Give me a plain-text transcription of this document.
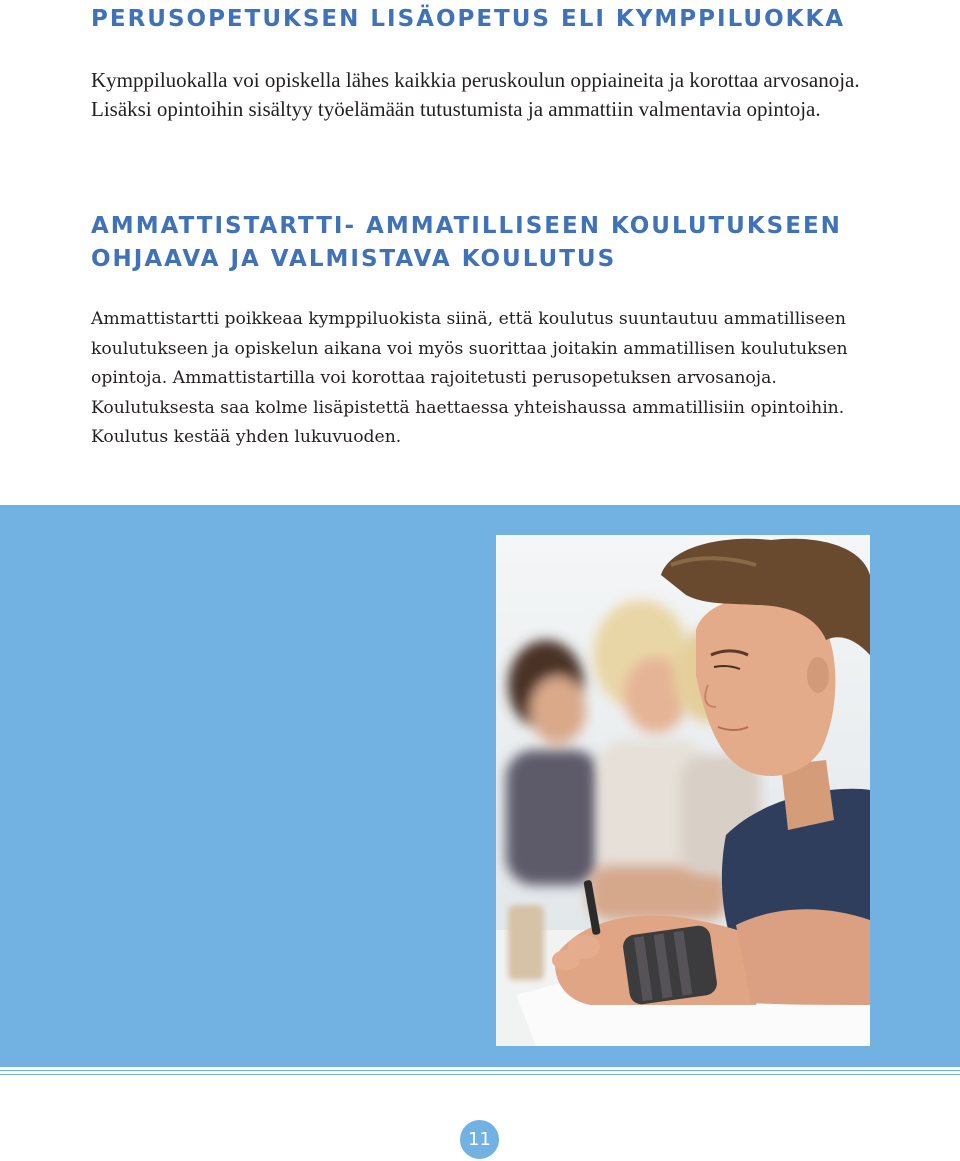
PERUSOPETUKSEN LISÄOPETUS ELI KYMPPILUOKKA

Kymppiluokalla voi opiskella lähes kaikkia peruskoulun oppiaineita ja korottaa arvosanoja. Lisäksi opintoihin sisältyy työelämään tutustumista ja ammattiin valmentavia opintoja.

AMMATTISTARTTI- AMMATILLISEEN KOULUTUKSEEN OHJAAVA JA VALMISTAVA KOULUTUS

Ammattistartti poikkeaa kymppiluokista siinä, että koulutus suuntautuu ammatilliseen koulutukseen ja opiskelun aikana voi myös suorittaa joitakin ammatillisen koulutuksen opintoja. Ammattistartilla voi korottaa rajoitetusti perusopetuksen arvosanoja. Koulutuksesta saa kolme lisäpistettä haettaessa yhteishaussa ammatillisiin opintoihin. Koulutus kestää yhden lukuvuoden.

11
